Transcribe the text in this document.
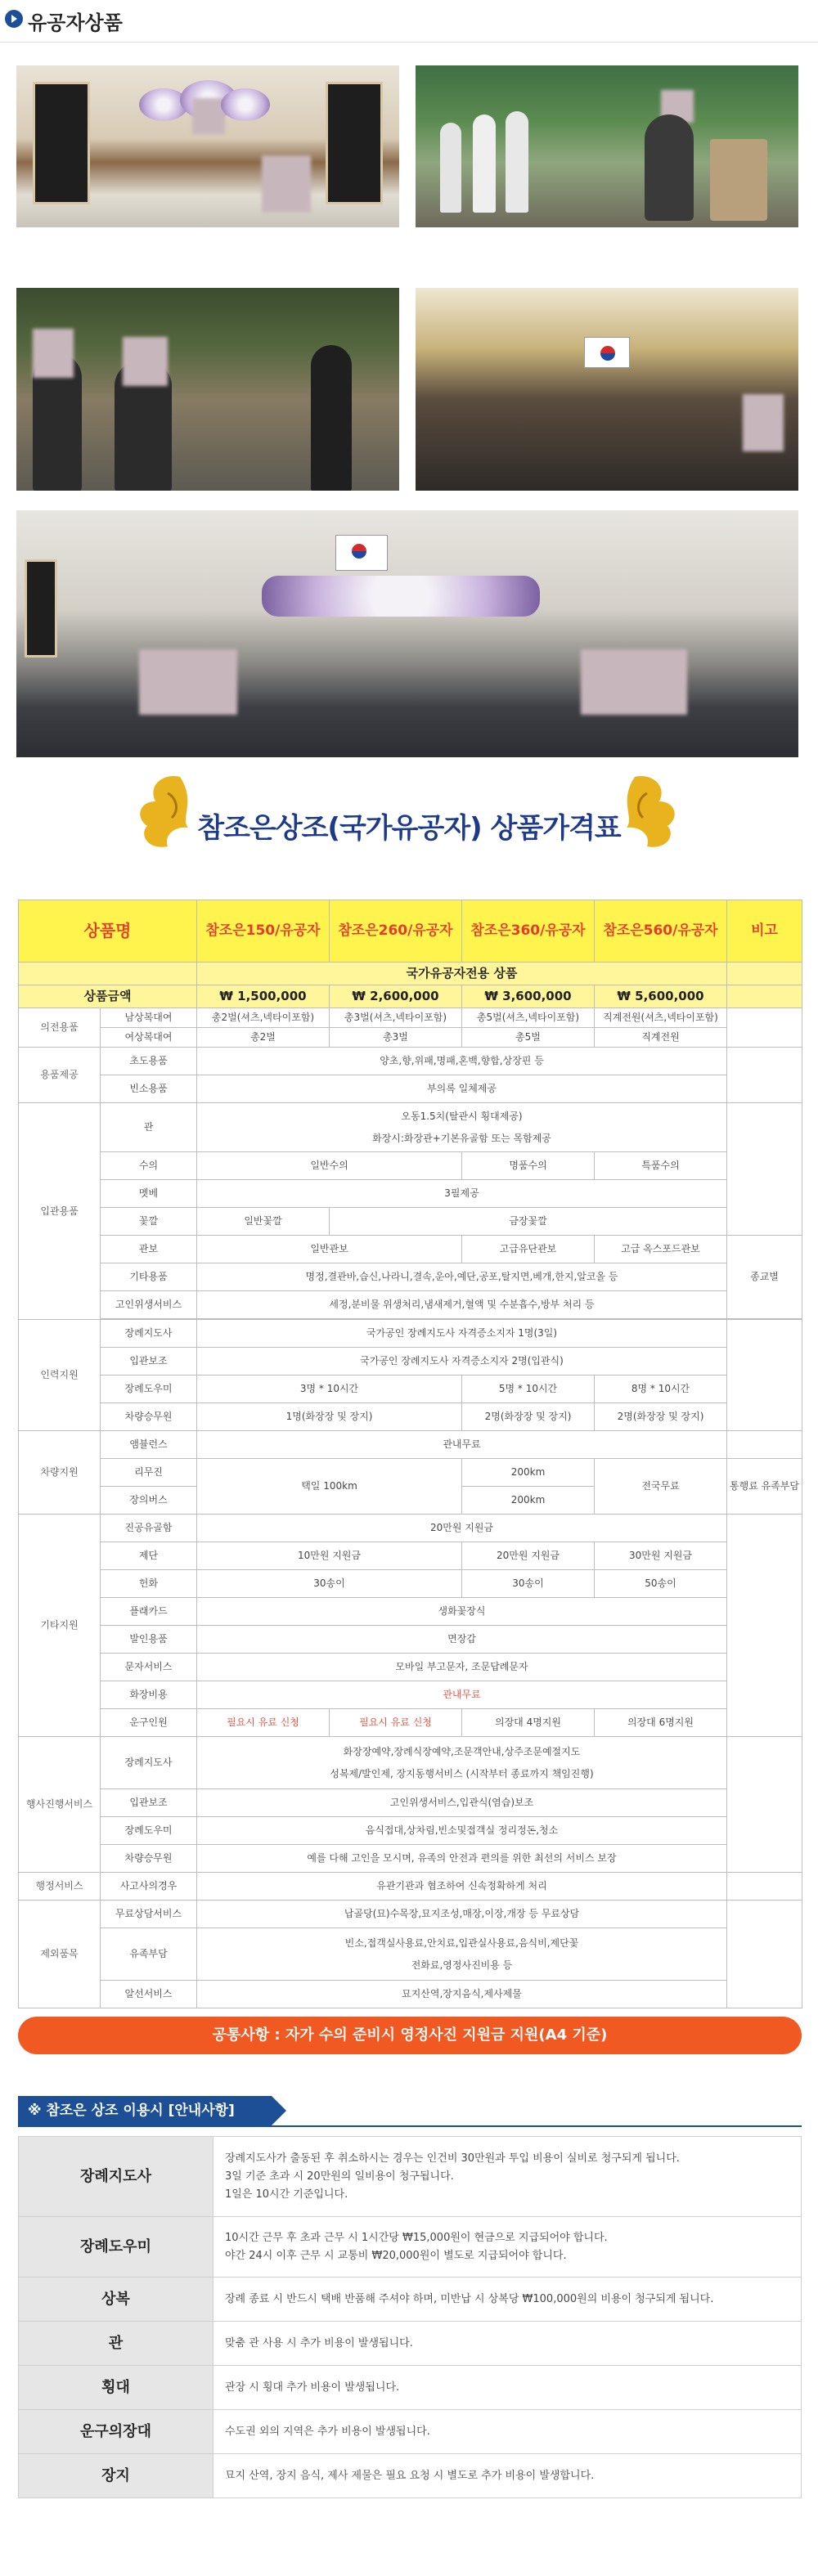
유공자상품
참조은상조(국가유공자) 상품가격표
상품명		참조은150/유공자	참조은260/유공자	참조은360/유공자	참조은560/유공자	비고
		국가유공자전용 상품				
상품금액		₩ 1,500,000	₩ 2,600,000	₩ 3,600,000	₩ 5,600,000	
의전용품	남상복대여	총2벌(셔츠,넥타이포함)	총3벌(셔츠,넥타이포함)	총5벌(셔츠,넥타이포함)	직계전원(셔츠,넥타이포함)	
	여상복대여	총2벌	총3벌	총5벌	직계전원	
용품제공	초도용품	양초,향,위패,명패,혼백,향합,상장핀 등				
	빈소용품	부의록 일체제공				
입관용품	관	오동1.5치(탈관시 횡대제공)
화장시:화장관+기본유골함 또는 목함제공				

	수의	일반수의		명품수의	특품수의	
	멧베	3필제공				
	꽃깔	일반꽃깔	금장꽃깔			
	관보	일반관보		고급유단관보	고급 옥스포드관보	종교별
	기타용품	명정,결관바,습신,나라니,결속,운아,예단,공포,탈지면,베개,한지,알코올 등				
	고인위생서비스	세정,분비물 위생처리,냄새제거,혈액 및 수분흡수,방부 처리 등				

인력지원	장례지도사	국가공인 장례지도사 자격증소지자 1명(3일)				
	입관보조	국가공인 장례지도사 자격증소지자 2명(입관식)				
	장례도우미	3명 * 10시간		5명 * 10시간	8명 * 10시간	
	차량승무원	1명(화장장 및 장지)		2명(화장장 및 장지)	2명(화장장 및 장지)	
차량지원	앰뷸런스	관내무료				
	리무진	택일 100km		200km	전국무료	통행료 유족부담
	장의버스			200km		
기타지원	진공유골함	20만원 지원금				
	제단	10만원 지원금		20만원 지원금	30만원 지원금	
	헌화	30송이		30송이	50송이	
	플래카드	생화꽃장식				
	발인용품	면장갑				
	문자서비스	모바일 부고문자, 조문답례문자				
	화장비용	관내무료				
	운구인원	필요시 유료 신청	필요시 유료 신청	의장대 4명지원	의장대 6명지원	
행사진행서비스	장례지도사	화장장예약,장례식장예약,조문객안내,상주조문예절지도
성복제/발인제, 장지동행서비스 (시작부터 종료까지 책임진행)				

	입관보조	고인위생서비스,입관식(염습)보조				
	장례도우미	음식접대,상차림,빈소및접객실 정리정돈,청소				
	차량승무원	예를 다해 고인을 모시며, 유족의 안전과 편의를 위한 최선의 서비스 보장				
행정서비스	사고사의경우	유관기관과 협조하여 신속정확하게 처리				
제외품목	무료상담서비스	납골당(묘)수목장,묘지조성,매장,이장,개장 등 무료상담				
	유족부담	빈소,접객실사용료,안치료,입관실사용료,음식비,제단꽃
전화료,영정사진비용 등				

	알선서비스	묘지산역,장지음식,제사제물				
공통사항 : 자가 수의 준비시 영정사진 지원금 지원(A4 기준)
※ 참조은 상조 이용시 [안내사항]
장례지도사	장례지도사가 출동된 후 취소하시는 경우는 인건비 30만원과 투입 비용이 실비로 청구되게 됩니다.
3일 기준 초과 시 20만원의 일비용이 청구됩니다.
1일은 10시간 기준입니다.

장례도우미	10시간 근무 후 초과 근무 시 1시간당 ₩15,000원이 현금으로 지급되어야 합니다.
야간 24시 이후 근무 시 교통비 ₩20,000원이 별도로 지급되어야 합니다.

상복	장례 종료 시 반드시 택배 반품해 주셔야 하며, 미반납 시 상복당 ₩100,000원의 비용이 청구되게 됩니다.

관	맞춤 관 사용 시 추가 비용이 발생됩니다.

횡대	관장 시 횡대 추가 비용이 발생됩니다.

운구의장대	수도권 외의 지역은 추가 비용이 발생됩니다.

장지	묘지 산역, 장지 음식, 제사 제물은 필요 요청 시 별도로 추가 비용이 발생합니다.
